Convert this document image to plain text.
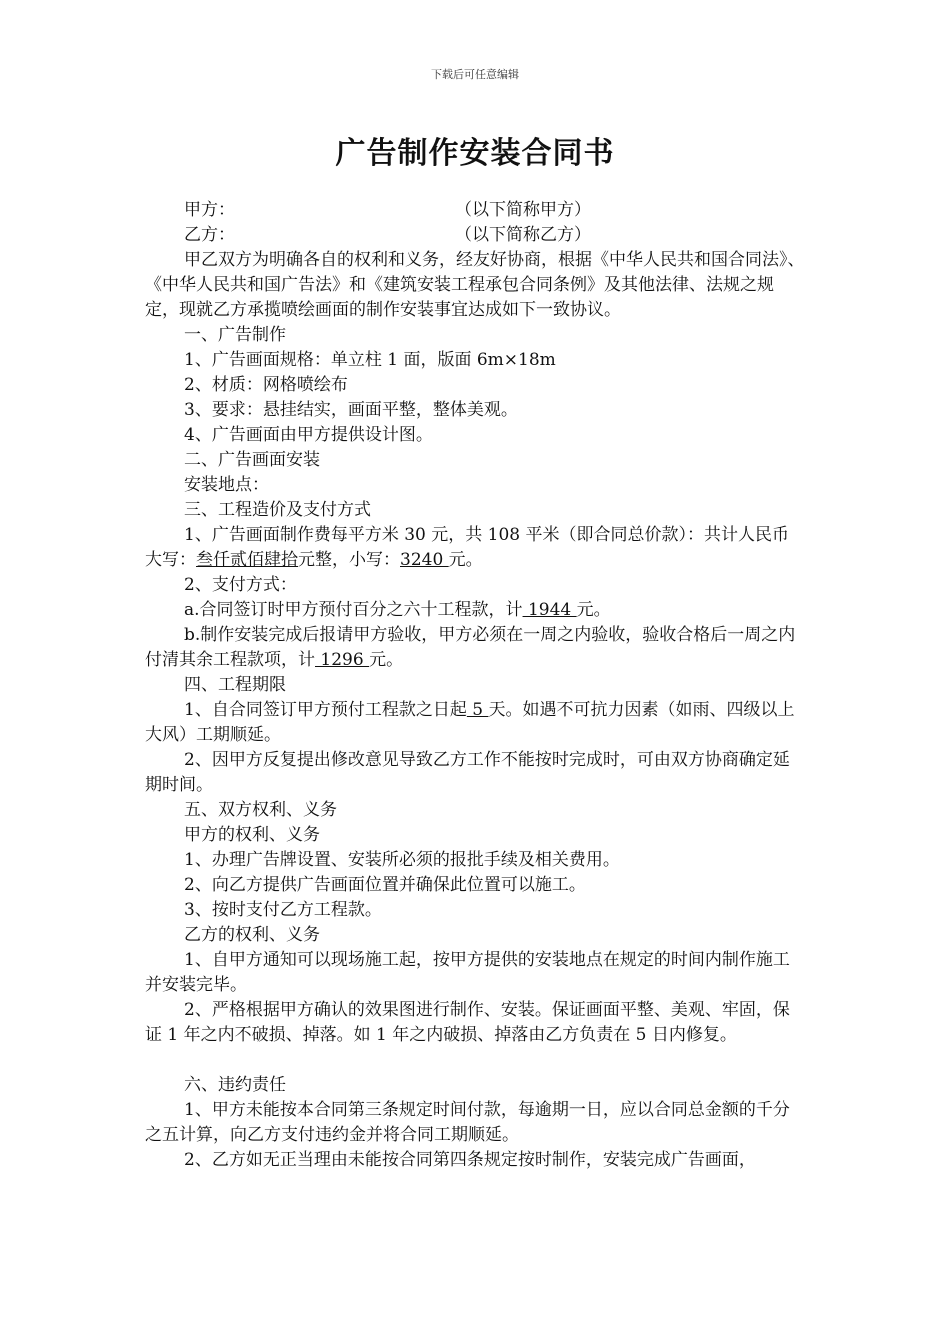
下载后可任意编辑
广告制作安装合同书
甲方：	（以下简称甲方）
乙方：	（以下简称乙方）

甲乙双方为明确各自的权利和义务，经友好协商，根据《中华人民共和国合同法》、《中华人民共和国广告法》和《建筑安装工程承包合同条例》及其他法律、法规之规定，现就乙方承揽喷绘画面的制作安装事宜达成如下一致协议。

一、广告制作

1、广告画面规格：单立柱 1 面，版面 6m×18m

2、材质：网格喷绘布

3、要求：悬挂结实，画面平整，整体美观。

4、广告画面由甲方提供设计图。

二、广告画面安装

安装地点：

三、工程造价及支付方式

1、广告画面制作费每平方米 30 元，共 108 平米（即合同总价款）：共计人民币大写：叁仟贰佰肆拾元整，小写：3240 元。

2、支付方式：

a.合同签订时甲方预付百分之六十工程款，计 1944 元。

b.制作安装完成后报请甲方验收，甲方必须在一周之内验收，验收合格后一周之内付清其余工程款项，计 1296 元。

四、工程期限

1、自合同签订甲方预付工程款之日起 5 天。如遇不可抗力因素（如雨、四级以上大风）工期顺延。

2、因甲方反复提出修改意见导致乙方工作不能按时完成时，可由双方协商确定延期时间。

五、双方权利、义务

甲方的权利、义务

1、办理广告牌设置、安装所必须的报批手续及相关费用。

2、向乙方提供广告画面位置并确保此位置可以施工。

3、按时支付乙方工程款。

乙方的权利、义务

1、自甲方通知可以现场施工起，按甲方提供的安装地点在规定的时间内制作施工并安装完毕。

2、严格根据甲方确认的效果图进行制作、安装。保证画面平整、美观、牢固，保证 1 年之内不破损、掉落。如 1 年之内破损、掉落由乙方负责在 5 日内修复。

六、违约责任

1、甲方未能按本合同第三条规定时间付款，每逾期一日，应以合同总金额的千分之五计算，向乙方支付违约金并将合同工期顺延。

2、乙方如无正当理由未能按合同第四条规定按时制作，安装完成广告画面，
